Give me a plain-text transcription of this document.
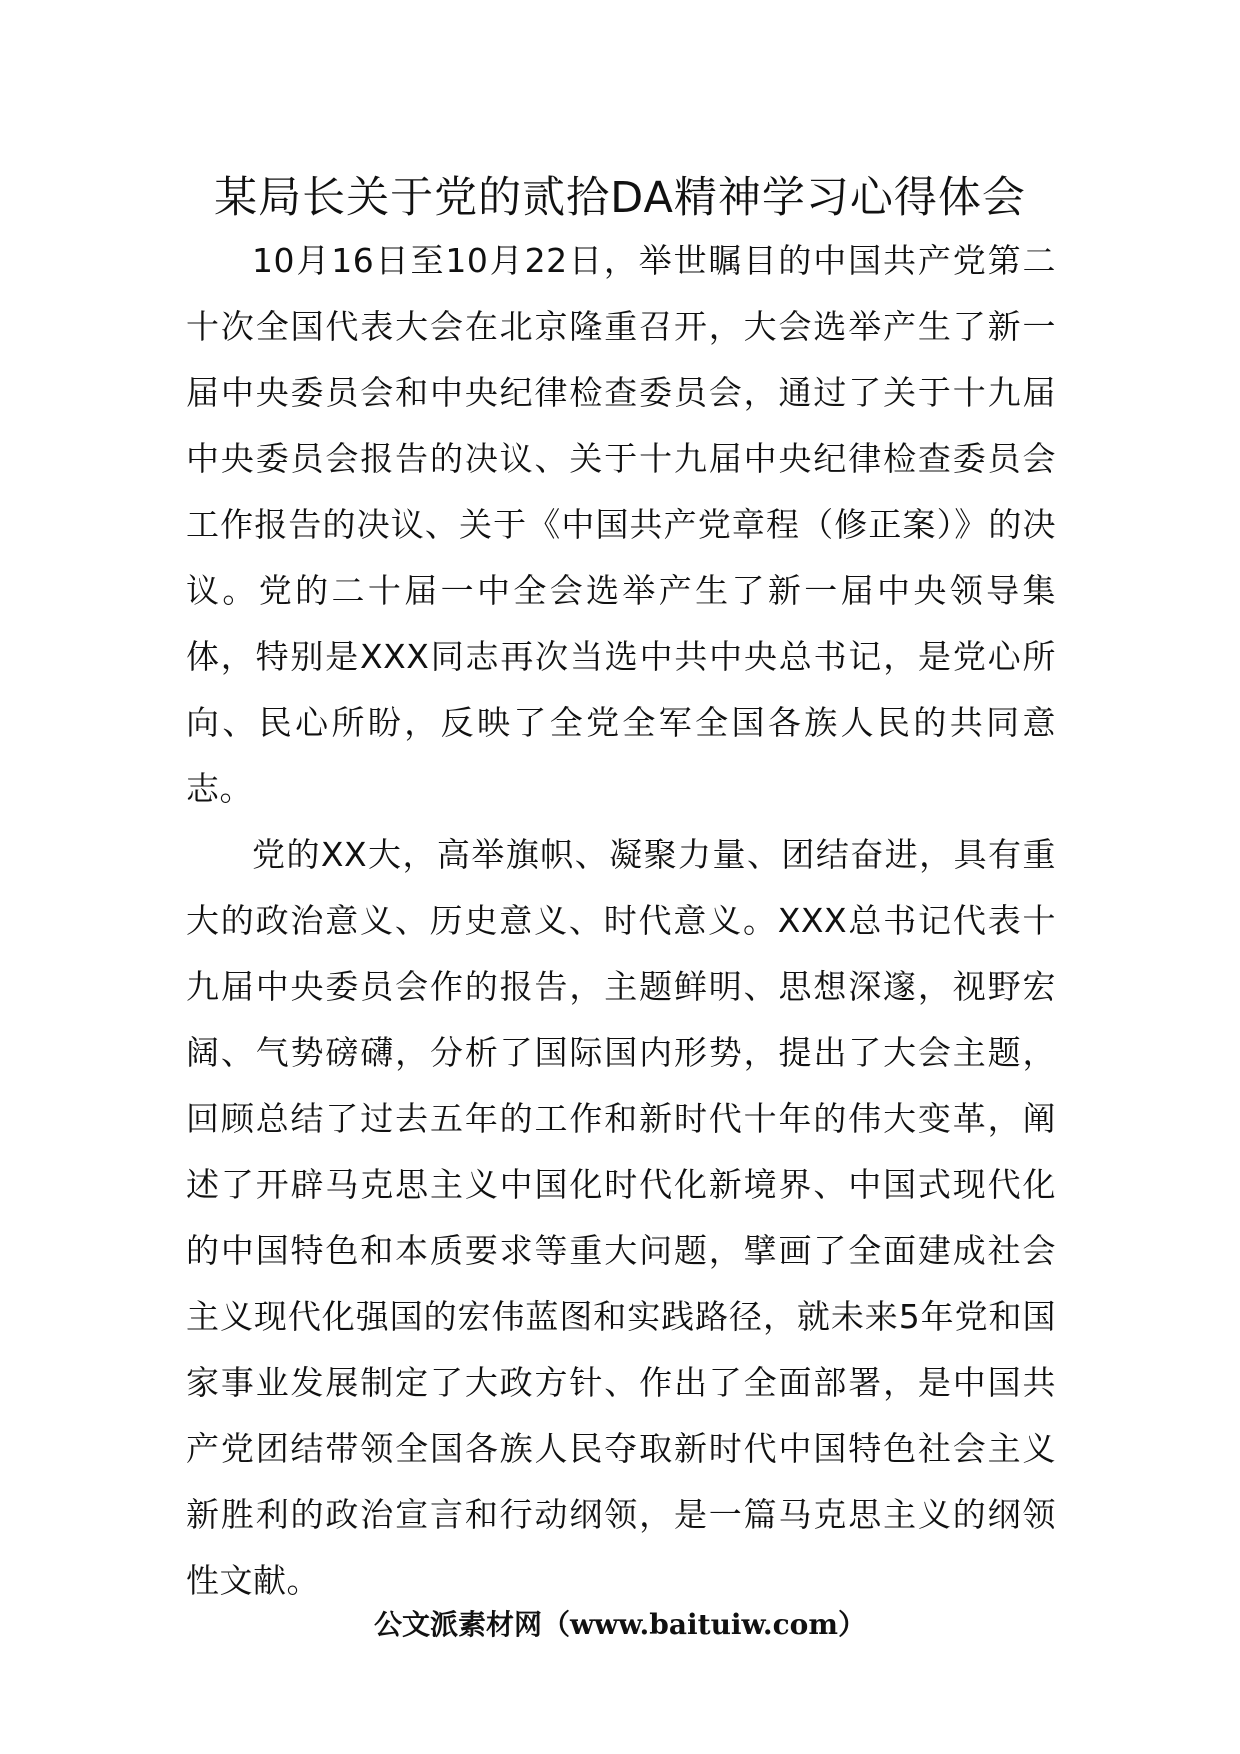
某局长关于党的贰拾DA精神学习心得体会

10月16日至10月22日，举世瞩目的中国共产党第二十次全国代表大会在北京隆重召开，大会选举产生了新一届中央委员会和中央纪律检查委员会，通过了关于十九届中央委员会报告的决议、关于十九届中央纪律检查委员会工作报告的决议、关于《中国共产党章程（修正案）》的决议。党的二十届一中全会选举产生了新一届中央领导集体，特别是XXX同志再次当选中共中央总书记，是党心所向、民心所盼，反映了全党全军全国各族人民的共同意志。

党的XX大，高举旗帜、凝聚力量、团结奋进，具有重大的政治意义、历史意义、时代意义。XXX总书记代表十九届中央委员会作的报告，主题鲜明、思想深邃，视野宏阔、气势磅礴，分析了国际国内形势，提出了大会主题，回顾总结了过去五年的工作和新时代十年的伟大变革，阐述了开辟马克思主义中国化时代化新境界、中国式现代化的中国特色和本质要求等重大问题，擘画了全面建成社会主义现代化强国的宏伟蓝图和实践路径，就未来5年党和国家事业发展制定了大政方针、作出了全面部署，是中国共产党团结带领全国各族人民夺取新时代中国特色社会主义新胜利的政治宣言和行动纲领，是一篇马克思主义的纲领性文献。

公文派素材网（www.baituiw.com）
